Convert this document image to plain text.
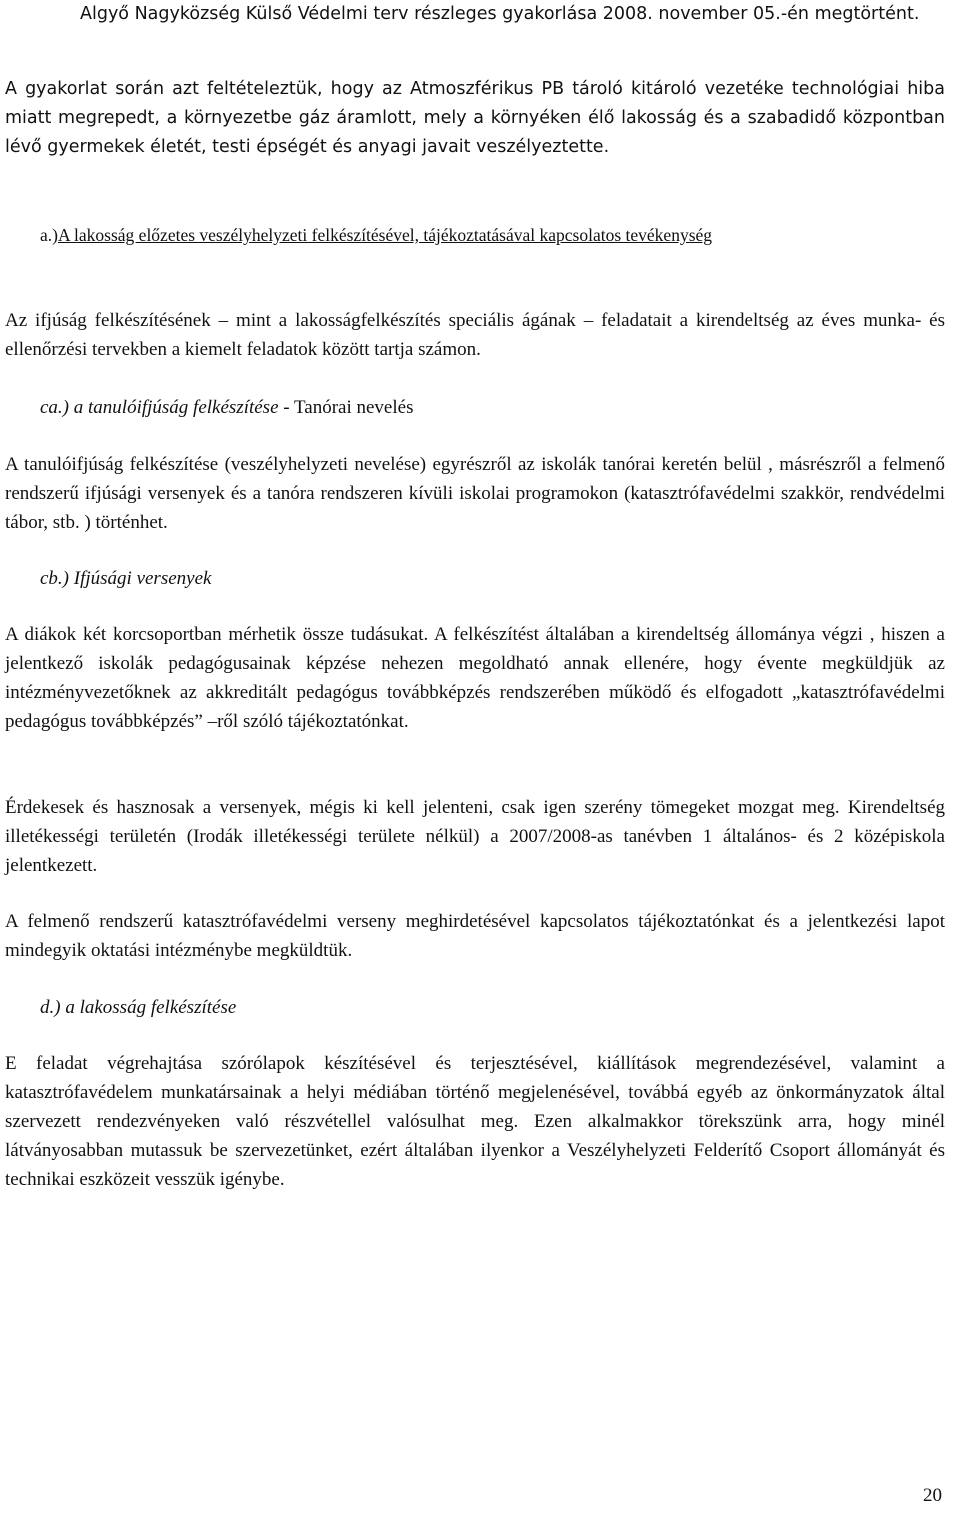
Algyő Nagyközség Külső Védelmi terv részleges gyakorlása 2008. november 05.-én megtörtént.

A gyakorlat során azt feltételeztük, hogy az Atmoszférikus PB tároló kitároló vezetéke technológiai hiba miatt megrepedt, a környezetbe gáz áramlott, mely a környéken élő lakosság és a szabadidő központban lévő gyermekek életét, testi épségét és anyagi javait veszélyeztette.

a.)A lakosság előzetes veszélyhelyzeti felkészítésével, tájékoztatásával kapcsolatos tevékenység

Az ifjúság felkészítésének – mint a lakosságfelkészítés speciális ágának – feladatait a kirendeltség az éves munka- és ellenőrzési tervekben a kiemelt feladatok között tartja számon.

ca.) a tanulóifjúság felkészítése - Tanórai nevelés

A tanulóifjúság felkészítése (veszélyhelyzeti nevelése) egyrészről az iskolák tanórai keretén belül , másrészről a felmenő rendszerű ifjúsági versenyek és a tanóra rendszeren kívüli iskolai programokon (katasztrófavédelmi szakkör, rendvédelmi tábor, stb. ) történhet.

cb.) Ifjúsági versenyek

A diákok két korcsoportban mérhetik össze tudásukat. A felkészítést általában a kirendeltség állománya végzi , hiszen a jelentkező iskolák pedagógusainak képzése nehezen megoldható annak ellenére, hogy évente megküldjük az intézményvezetőknek az akkreditált pedagógus továbbképzés rendszerében működő és elfogadott „katasztrófavédelmi pedagógus továbbképzés” –ről szóló tájékoztatónkat.

Érdekesek és hasznosak a versenyek, mégis ki kell jelenteni, csak igen szerény tömegeket mozgat meg. Kirendeltség illetékességi területén (Irodák illetékességi területe nélkül) a 2007/2008-as tanévben 1 általános- és 2 középiskola jelentkezett.

A felmenő rendszerű katasztrófavédelmi verseny meghirdetésével kapcsolatos tájékoztatónkat és a jelentkezési lapot mindegyik oktatási intézménybe megküldtük.

d.) a lakosság felkészítése

E feladat végrehajtása szórólapok készítésével és terjesztésével, kiállítások megrendezésével, valamint a katasztrófavédelem munkatársainak a helyi médiában történő megjelenésével, továbbá egyéb az önkormányzatok által szervezett rendezvényeken való részvétellel valósulhat meg. Ezen alkalmakkor törekszünk arra, hogy minél látványosabban mutassuk be szervezetünket, ezért általában ilyenkor a Veszélyhelyzeti Felderítő Csoport állományát és technikai eszközeit vesszük igénybe.

20
